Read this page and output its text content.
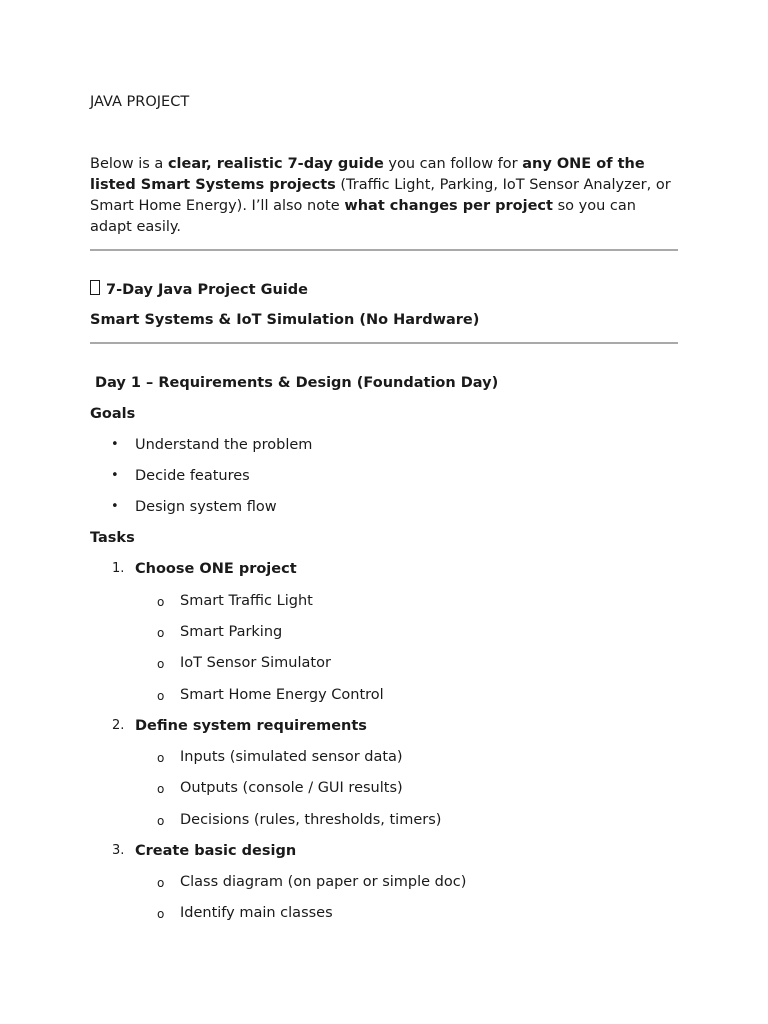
JAVA PROJECT

Below is a clear, realistic 7-day guide you can follow for any ONE of the listed Smart Systems projects (Traffic Light, Parking, IoT Sensor Analyzer, or Smart Home Energy). I’ll also note what changes per project so you can adapt easily.

7-Day Java Project Guide
Smart Systems & IoT Simulation (No Hardware)
Day 1 – Requirements & Design (Foundation Day)
Goals
• Understand the problem
• Decide features
• Design system flow
Tasks
1. Choose ONE project
o Smart Traffic Light
o Smart Parking
o IoT Sensor Simulator
o Smart Home Energy Control
2. Define system requirements
o Inputs (simulated sensor data)
o Outputs (console / GUI results)
o Decisions (rules, thresholds, timers)
3. Create basic design
o Class diagram (on paper or simple doc)
o Identify main classes
